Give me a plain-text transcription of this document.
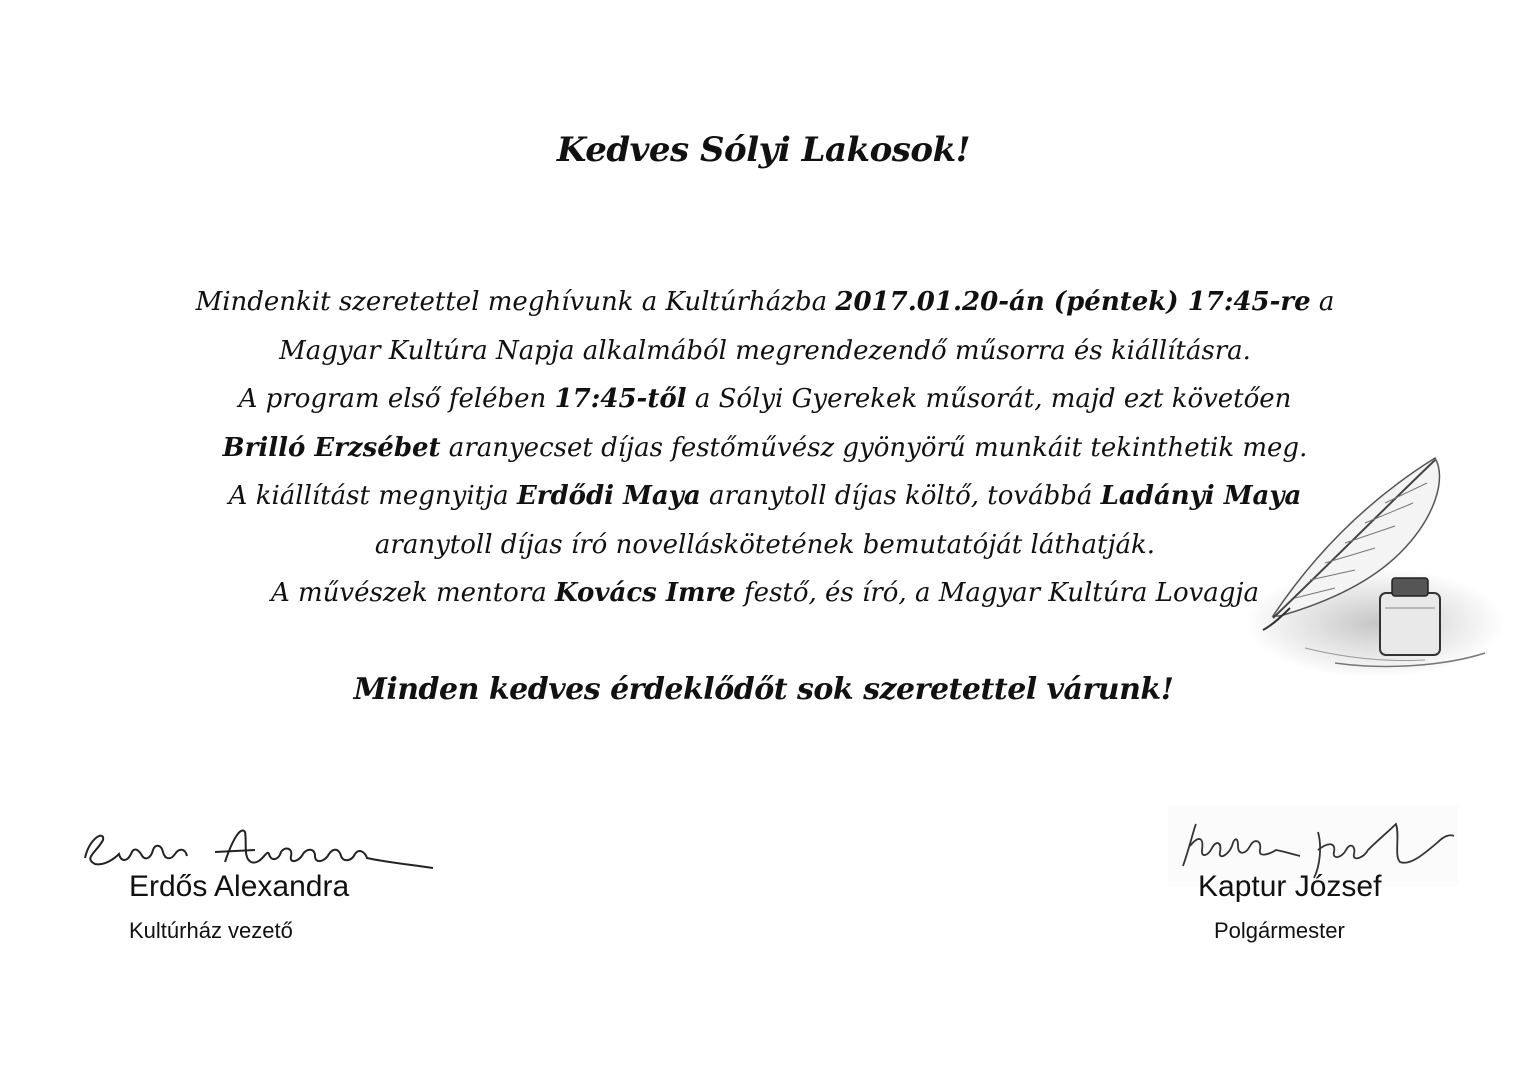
Kedves Sólyi Lakosok!
Mindenkit szeretettel meghívunk a Kultúrházba 2017.01.20-án (péntek) 17:45-re a
Magyar Kultúra Napja alkalmából megrendezendő műsorra és kiállításra.
A program első felében 17:45-től a Sólyi Gyerekek műsorát, majd ezt követően
Brilló Erzsébet aranyecset díjas festőművész gyönyörű munkáit tekinthetik meg.
A kiállítást megnyitja Erdődi Maya aranytoll díjas költő, továbbá Ladányi Maya
aranytoll díjas író novelláskötetének bemutatóját láthatják.
A művészek mentora Kovács Imre festő, és író, a Magyar Kultúra Lovagja
Minden kedves érdeklődőt sok szeretettel várunk!
Erdős Alexandra
Kultúrház vezető
Kaptur József
Polgármester
